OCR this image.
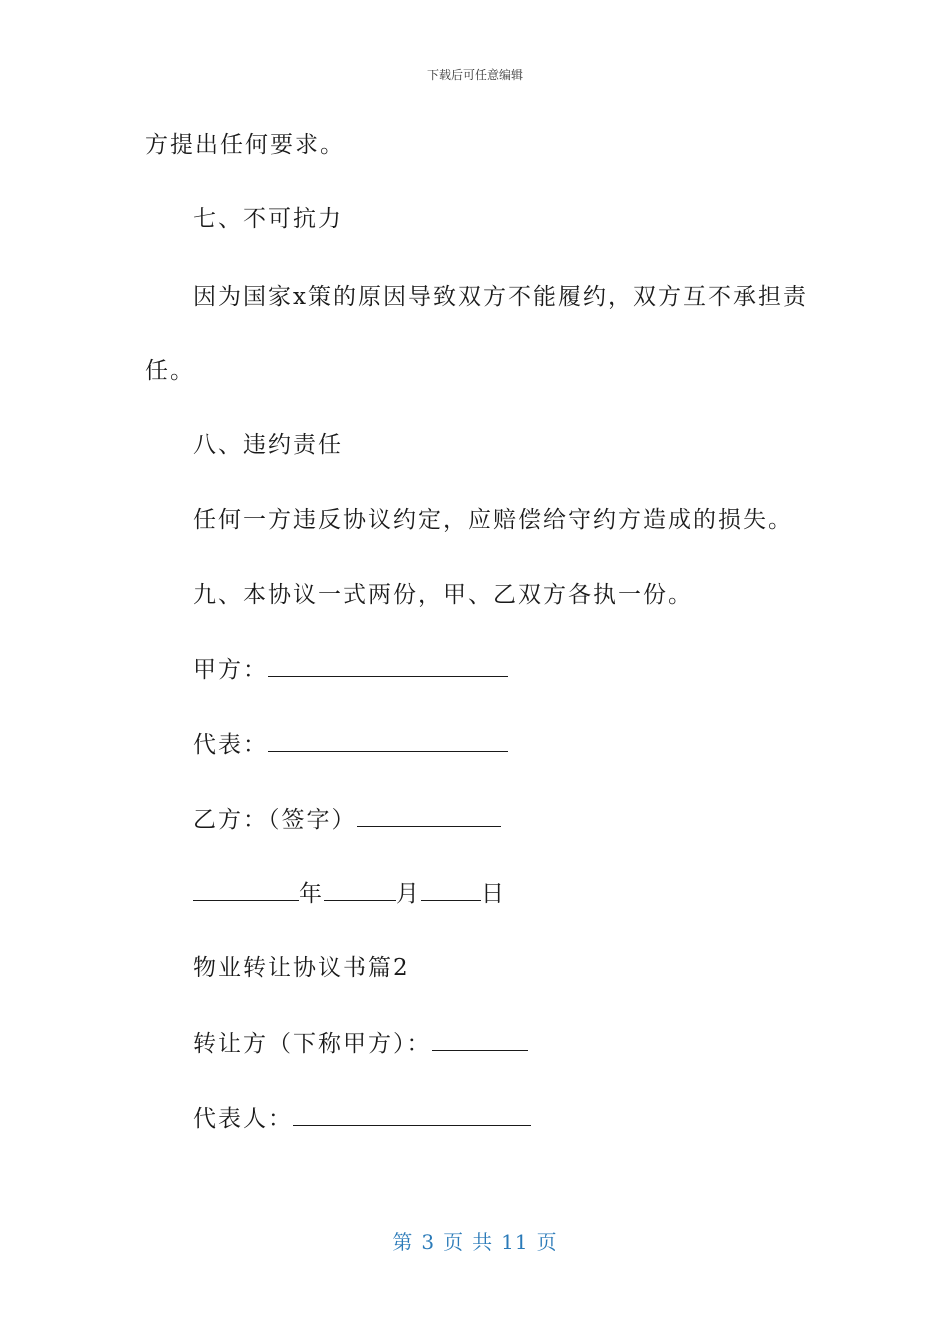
下载后可任意编辑
方提出任何要求。
七、不可抗力
因为国家x策的原因导致双方不能履约，双方互不承担责
任。
八、违约责任
任何一方违反协议约定，应赔偿给守约方造成的损失。
九、本协议一式两份，甲、乙双方各执一份。
甲方：
代表：
乙方：（签字）
年	月	日
物业转让协议书篇2
转让方（下称甲方）：
代表人：
第 3 页 共 11 页
